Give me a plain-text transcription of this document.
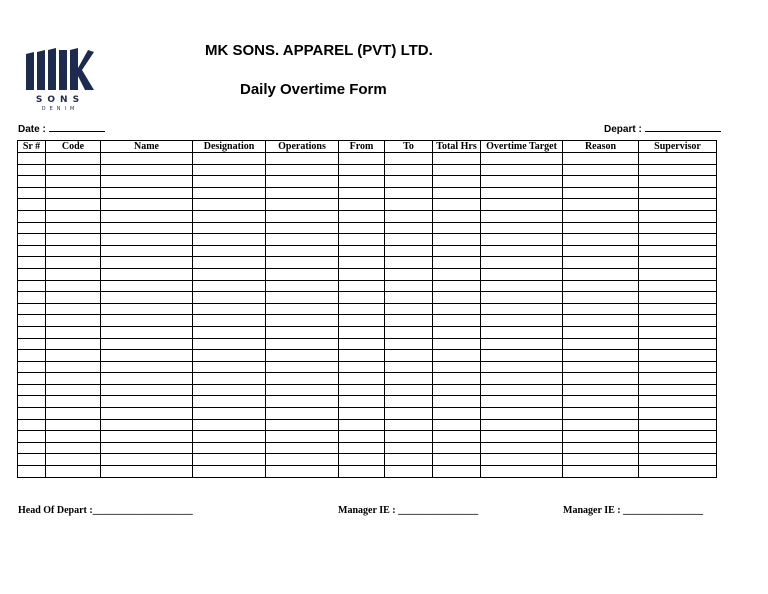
SONS
DENIM
MK SONS. APPAREL (PVT) LTD.
Daily Overtime Form
Date :	Depart :
Sr #	Code	Name	Designation	Operations	From	To	Total Hrs	Overtime Target	Reason	Supervisor

Head Of Depart :____________________	Manager IE : ________________	Manager IE : ________________
